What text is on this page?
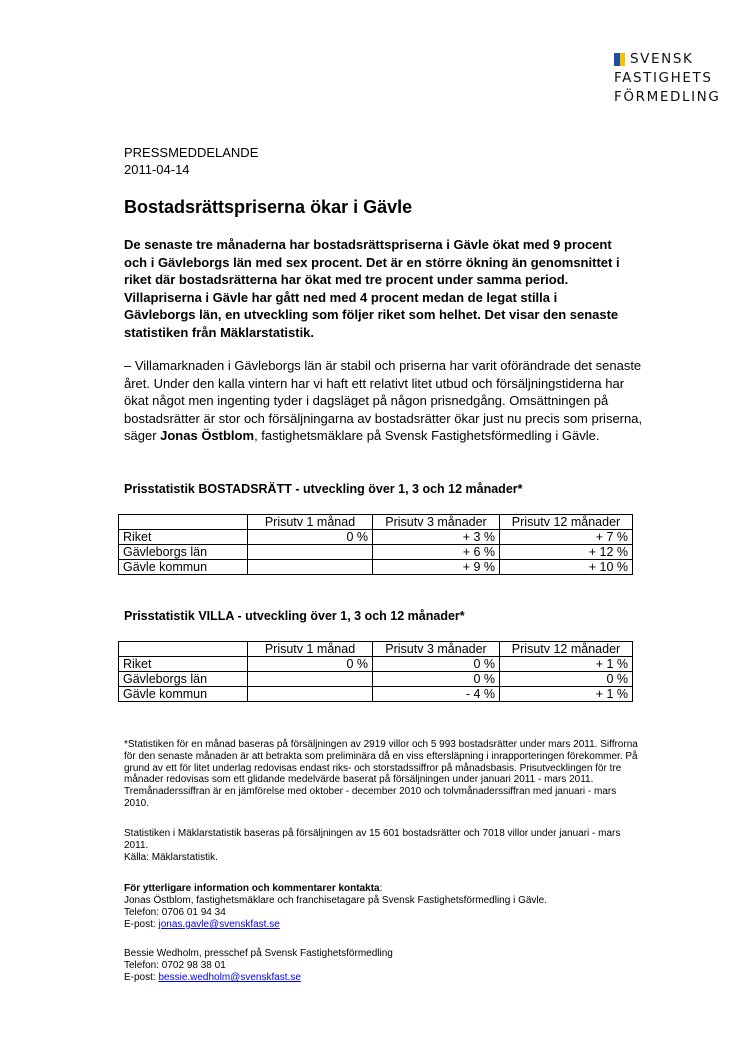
SVENSK
FASTIGHETS
FÖRMEDLING
PRESSMEDDELANDE
2011-04-14
Bostadsrättspriserna ökar i Gävle
De senaste tre månaderna har bostadsrättspriserna i Gävle ökat med 9 procent och i Gävleborgs län med sex procent. Det är en större ökning än genomsnittet i riket där bostadsrätterna har ökat med tre procent under samma period. Villapriserna i Gävle har gått ned med 4 procent medan de legat stilla i Gävleborgs län, en utveckling som följer riket som helhet. Det visar den senaste statistiken från Mäklarstatistik.
– Villamarknaden i Gävleborgs län är stabil och priserna har varit oförändrade det senaste året. Under den kalla vintern har vi haft ett relativt litet utbud och försäljningstiderna har ökat något men ingenting tyder i dagsläget på någon prisnedgång. Omsättningen på bostadsrätter är stor och försäljningarna av bostadsrätter ökar just nu precis som priserna, säger Jonas Östblom, fastighetsmäklare på Svensk Fastighetsförmedling i Gävle.
Prisstatistik BOSTADSRÄTT - utveckling över 1, 3 och 12 månader*
	Prisutv 1 månad	Prisutv 3 månader	Prisutv 12 månader
Riket	0 %	+ 3 %	+ 7 %
Gävleborgs län		+ 6 %	+ 12 %
Gävle kommun		+ 9 %	+ 10 %
Prisstatistik VILLA - utveckling över 1, 3 och 12 månader*
	Prisutv 1 månad	Prisutv 3 månader	Prisutv 12 månader
Riket	0 %	0 %	+ 1 %
Gävleborgs län		0 %	0 %
Gävle kommun		- 4 %	+ 1 %
*Statistiken för en månad baseras på försäljningen av 2919 villor och 5 993 bostadsrätter under mars 2011. Siffrorna för den senaste månaden är att betrakta som preliminära då en viss eftersläpning i inrapporteringen förekommer. På grund av ett för litet underlag redovisas endast riks- och storstadssiffror på månadsbasis. Prisutvecklingen för tre månader redovisas som ett glidande medelvärde baserat på försäljningen under januari 2011 - mars 2011. Tremånaderssiffran är en jämförelse med oktober - december 2010 och tolvmånaderssiffran med januari - mars 2010.
Statistiken i Mäklarstatistik baseras på försäljningen av 15 601 bostadsrätter och 7018 villor under januari - mars 2011.
Källa: Mäklarstatistik.
För ytterligare information och kommentarer kontakta:
Jonas Östblom, fastighetsmäklare och franchisetagare på Svensk Fastighetsförmedling i Gävle.
Telefon: 0706 01 94 34
E-post: jonas.gavle@svenskfast.se
Bessie Wedholm, presschef på Svensk Fastighetsförmedling
Telefon: 0702 98 38 01
E-post: bessie.wedholm@svenskfast.se
